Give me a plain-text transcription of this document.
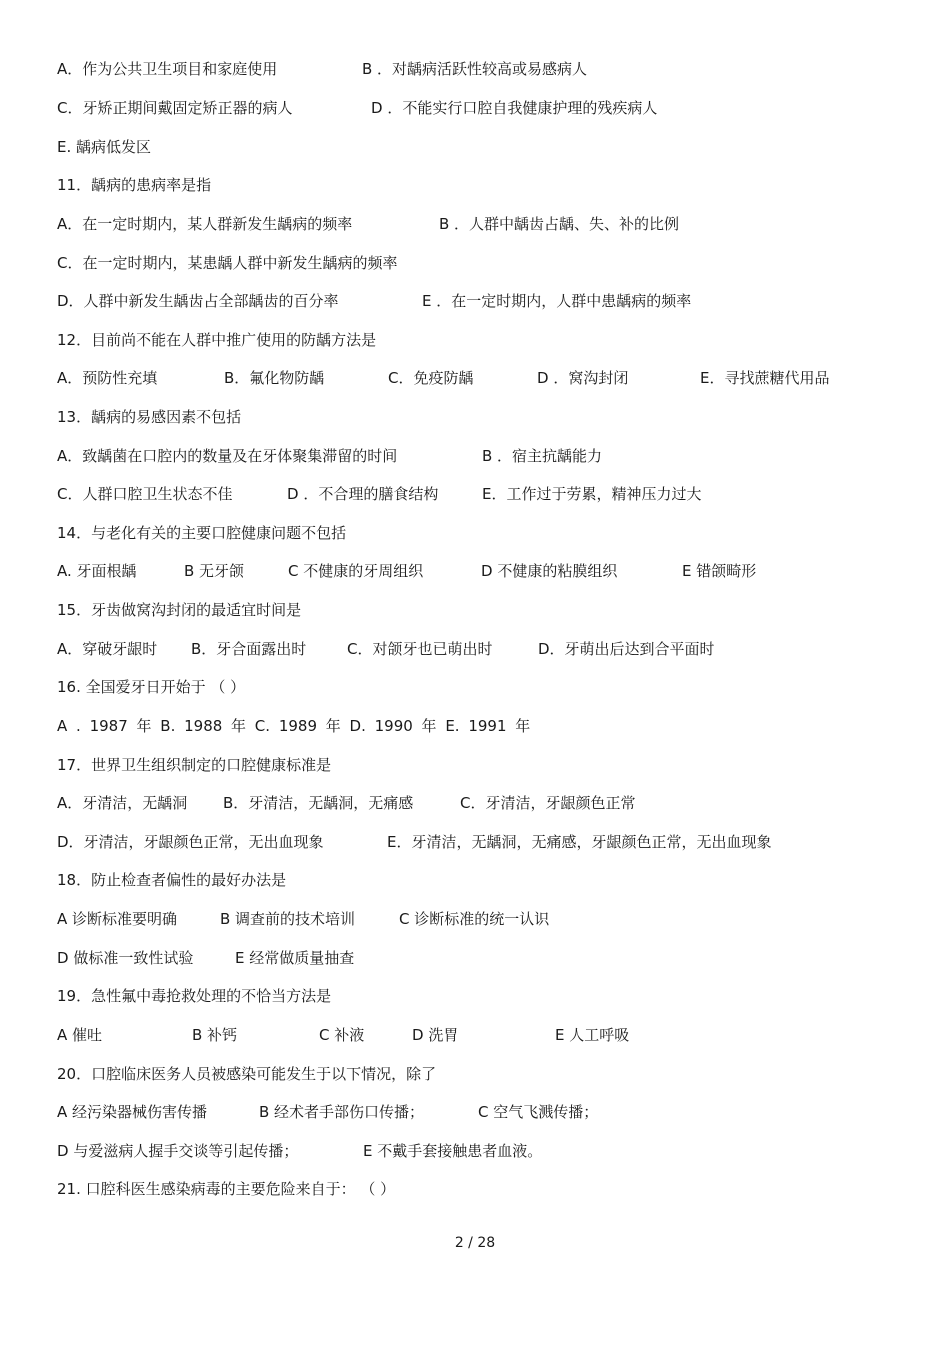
A．作为公共卫生项目和家庭使用	B ．对龋病活跃性较高或易感病人
C．牙矫正期间戴固定矫正器的病人	D ．不能实行口腔自我健康护理的残疾病人
E. 龋病低发区
11．龋病的患病率是指
A．在一定时期内，某人群新发生龋病的频率	B ．人群中龋齿占龋、失、补的比例
C．在一定时期内，某患龋人群中新发生龋病的频率
D．人群中新发生龋齿占全部龋齿的百分率	E ．在一定时期内，人群中患龋病的频率
12．目前尚不能在人群中推广使用的防龋方法是
A．预防性充填	B．氟化物防龋	C．免疫防龋	D ．窝沟封闭	E．寻找蔗糖代用品
13．龋病的易感因素不包括
A．致龋菌在口腔内的数量及在牙体聚集滞留的时间	B ．宿主抗龋能力
C．人群口腔卫生状态不佳	D ．不合理的膳食结构	E．工作过于劳累，精神压力过大
14．与老化有关的主要口腔健康问题不包括
A. 牙面根龋	B 无牙颌	C 不健康的牙周组织	D 不健康的粘膜组织	E 错颌畸形
15．牙齿做窝沟封闭的最适宜时间是
A．穿破牙龈时 B．牙合面露出时	C．对颌牙也已萌出时	D．牙萌出后达到合平面时
16. 全国爱牙日开始于 （ ）
A . 1987 年 B. 1988 年 C. 1989 年 D. 1990 年 E. 1991 年
17．世界卫生组织制定的口腔健康标准是
A．牙清洁，无龋洞 B．牙清洁，无龋洞，无痛感	C．牙清洁，牙龈颜色正常
D．牙清洁，牙龈颜色正常，无出血现象	E．牙清洁，无龋洞，无痛感，牙龈颜色正常，无出血现象
18．防止检查者偏性的最好办法是
A 诊断标准要明确	B 调查前的技术培训	C 诊断标准的统一认识
D 做标准一致性试验	E 经常做质量抽查
19．急性氟中毒抢救处理的不恰当方法是
A 催吐	B 补钙	C 补液	D 洗胃	E 人工呼吸
20．口腔临床医务人员被感染可能发生于以下情况，除了
A 经污染器械伤害传播	B 经术者手部伤口传播；	C 空气飞溅传播；
D 与爱滋病人握手交谈等引起传播；	E 不戴手套接触患者血液。
21. 口腔科医生感染病毒的主要危险来自于： （ ）
2 / 28
